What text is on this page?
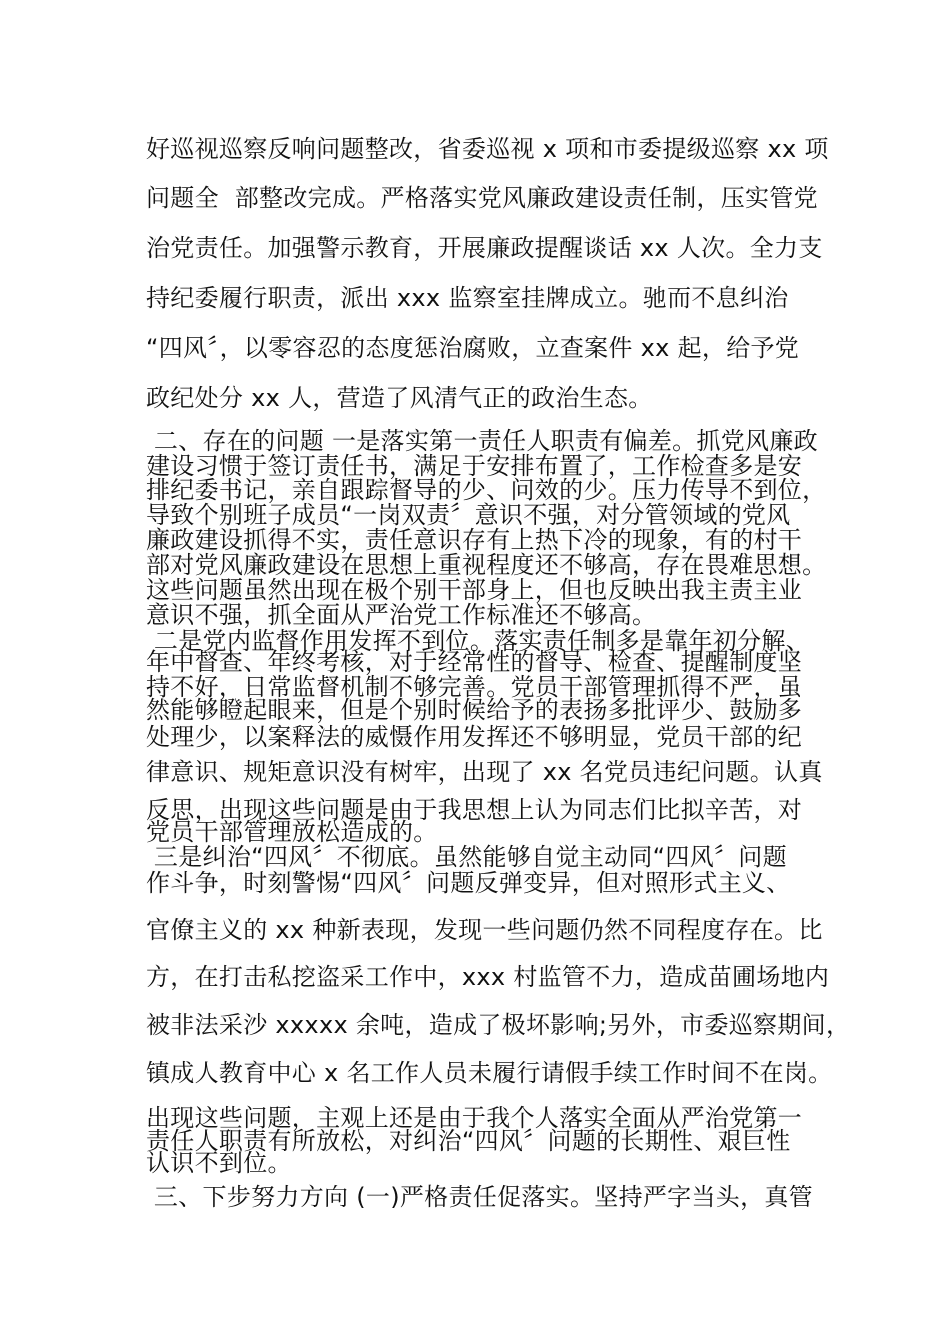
好巡视巡察反响问题整改，省委巡视 x 项和市委提级巡察 xx 项
问题全  部整改完成。严格落实党风廉政建设责任制，压实管党
治党责任。加强警示教育，开展廉政提醒谈话 xx 人次。全力支
持纪委履行职责，派出 xxx 监察室挂牌成立。驰而不息纠治
“四风〞，以零容忍的态度惩治腐败，立查案件 xx 起，给予党
政纪处分 xx 人，营造了风清气正的政治生态。
二、存在的问题 一是落实第一责任人职责有偏差。抓党风廉政
建设习惯于签订责任书，满足于安排布置了，工作检查多是安
排纪委书记，亲自跟踪督导的少、问效的少。压力传导不到位，
导致个别班子成员“一岗双责〞意识不强，对分管领域的党风
廉政建设抓得不实，责任意识存有上热下冷的现象，有的村干
部对党风廉政建设在思想上重视程度还不够高，存在畏难思想。
这些问题虽然出现在极个别干部身上，但也反映出我主责主业
意识不强，抓全面从严治党工作标准还不够高。
二是党内监督作用发挥不到位。落实责任制多是靠年初分解、
年中督查、年终考核，对于经常性的督导、检查、提醒制度坚
持不好，日常监督机制不够完善。党员干部管理抓得不严，虽
然能够瞪起眼来，但是个别时候给予的表扬多批评少、鼓励多
处理少，以案释法的威慑作用发挥还不够明显，党员干部的纪
律意识、规矩意识没有树牢，出现了 xx 名党员违纪问题。认真
反思，出现这些问题是由于我思想上认为同志们比拟辛苦，对
党员干部管理放松造成的。
三是纠治“四风〞不彻底。虽然能够自觉主动同“四风〞问题
作斗争，时刻警惕“四风〞问题反弹变异，但对照形式主义、
官僚主义的 xx 种新表现，发现一些问题仍然不同程度存在。比
方，在打击私挖盗采工作中，xxx 村监管不力，造成苗圃场地内
被非法采沙 xxxxx 余吨，造成了极坏影响;另外，市委巡察期间，
镇成人教育中心 x 名工作人员未履行请假手续工作时间不在岗。
出现这些问题，主观上还是由于我个人落实全面从严治党第一
责任人职责有所放松，对纠治“四风〞问题的长期性、艰巨性
认识不到位。
三、下步努力方向 (一)严格责任促落实。坚持严字当头，真管
